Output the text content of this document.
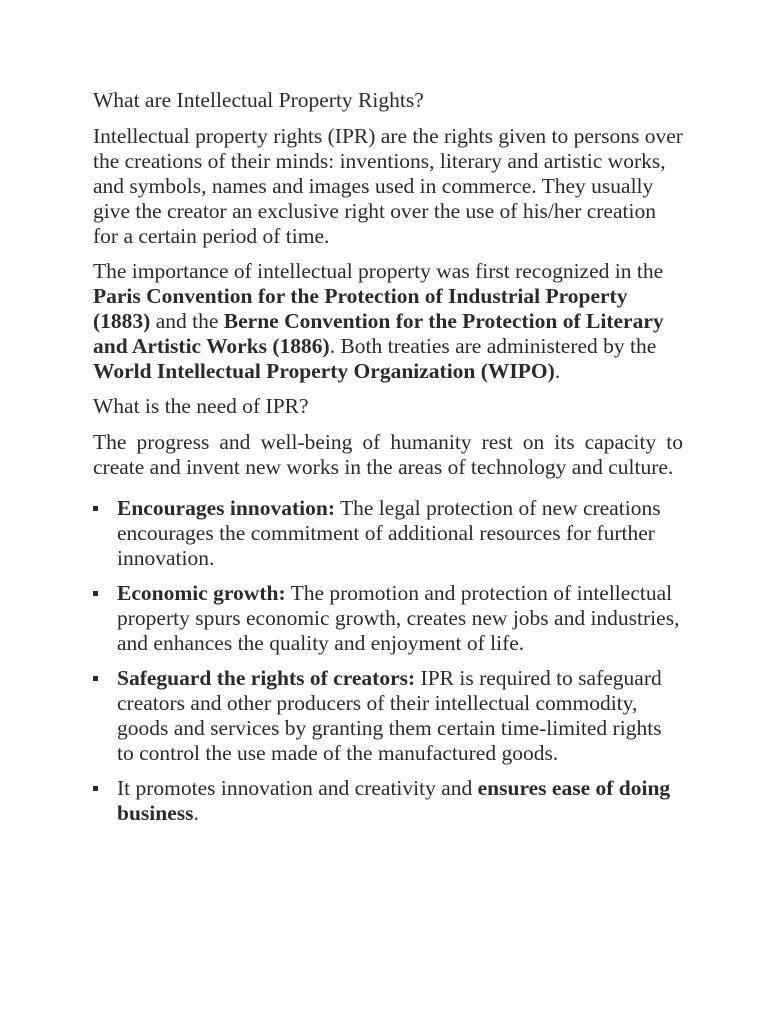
What are Intellectual Property Rights?

Intellectual property rights (IPR) are the rights given to persons over the creations of their minds: inventions, literary and artistic works, and symbols, names and images used in commerce. They usually give the creator an exclusive right over the use of his/her creation for a certain period of time.

The importance of intellectual property was first recognized in the Paris Convention for the Protection of Industrial Property (1883) and the Berne Convention for the Protection of Literary and Artistic Works (1886). Both treaties are administered by the World Intellectual Property Organization (WIPO).

What is the need of IPR?

The progress and well-being of humanity rest on its capacity to create and invent new works in the areas of technology and culture.

Encourages innovation: The legal protection of new creations encourages the commitment of additional resources for further innovation.
Economic growth: The promotion and protection of intellectual property spurs economic growth, creates new jobs and industries, and enhances the quality and enjoyment of life.
Safeguard the rights of creators: IPR is required to safeguard creators and other producers of their intellectual commodity, goods and services by granting them certain time-limited rights to control the use made of the manufactured goods.
It promotes innovation and creativity and ensures ease of doing business.
